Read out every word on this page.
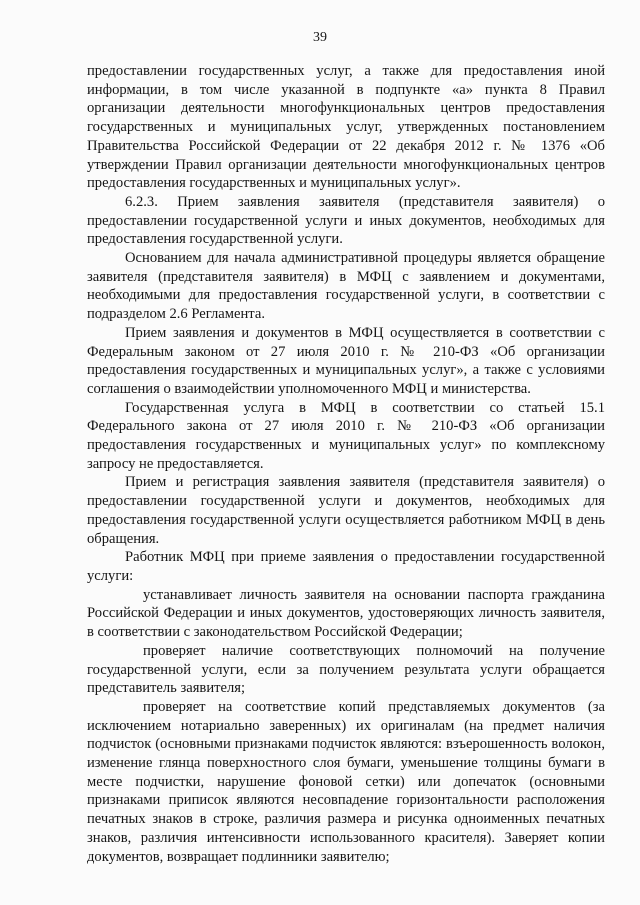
39

предоставлении государственных услуг, а также для предоставления иной информации, в том числе указанной в подпункте «а» пункта 8 Правил организации деятельности многофункциональных центров предоставления государственных и муниципальных услуг, утвержденных постановлением Правительства Российской Федерации от 22 декабря 2012 г. № 1376 «Об утверждении Правил организации деятельности многофункциональных центров предоставления государственных и муниципальных услуг».

6.2.3. Прием заявления заявителя (представителя заявителя) о предоставлении государственной услуги и иных документов, необходимых для предоставления государственной услуги.

Основанием для начала административной процедуры является обращение заявителя (представителя заявителя) в МФЦ с заявлением и документами, необходимыми для предоставления государственной услуги, в соответствии с подразделом 2.6 Регламента.

Прием заявления и документов в МФЦ осуществляется в соответствии с Федеральным законом от 27 июля 2010 г. № 210-ФЗ «Об организации предоставления государственных и муниципальных услуг», а также с условиями соглашения о взаимодействии уполномоченного МФЦ и министерства.

Государственная услуга в МФЦ в соответствии со статьей 15.1 Федерального закона от 27 июля 2010 г. № 210-ФЗ «Об организации предоставления государственных и муниципальных услуг» по комплексному запросу не предоставляется.

Прием и регистрация заявления заявителя (представителя заявителя) о предоставлении государственной услуги и документов, необходимых для предоставления государственной услуги осуществляется работником МФЦ в день обращения.

Работник МФЦ при приеме заявления о предоставлении государственной услуги:

устанавливает личность заявителя на основании паспорта гражданина Российской Федерации и иных документов, удостоверяющих личность заявителя, в соответствии с законодательством Российской Федерации;

проверяет наличие соответствующих полномочий на получение государственной услуги, если за получением результата услуги обращается представитель заявителя;

проверяет на соответствие копий представляемых документов (за исключением нотариально заверенных) их оригиналам (на предмет наличия подчисток (основными признаками подчисток являются: взъерошенность волокон, изменение глянца поверхностного слоя бумаги, уменьшение толщины бумаги в месте подчистки, нарушение фоновой сетки) или допечаток (основными признаками приписок являются несовпадение горизонтальности расположения печатных знаков в строке, различия размера и рисунка одноименных печатных знаков, различия интенсивности использованного красителя). Заверяет копии документов, возвращает подлинники заявителю;
